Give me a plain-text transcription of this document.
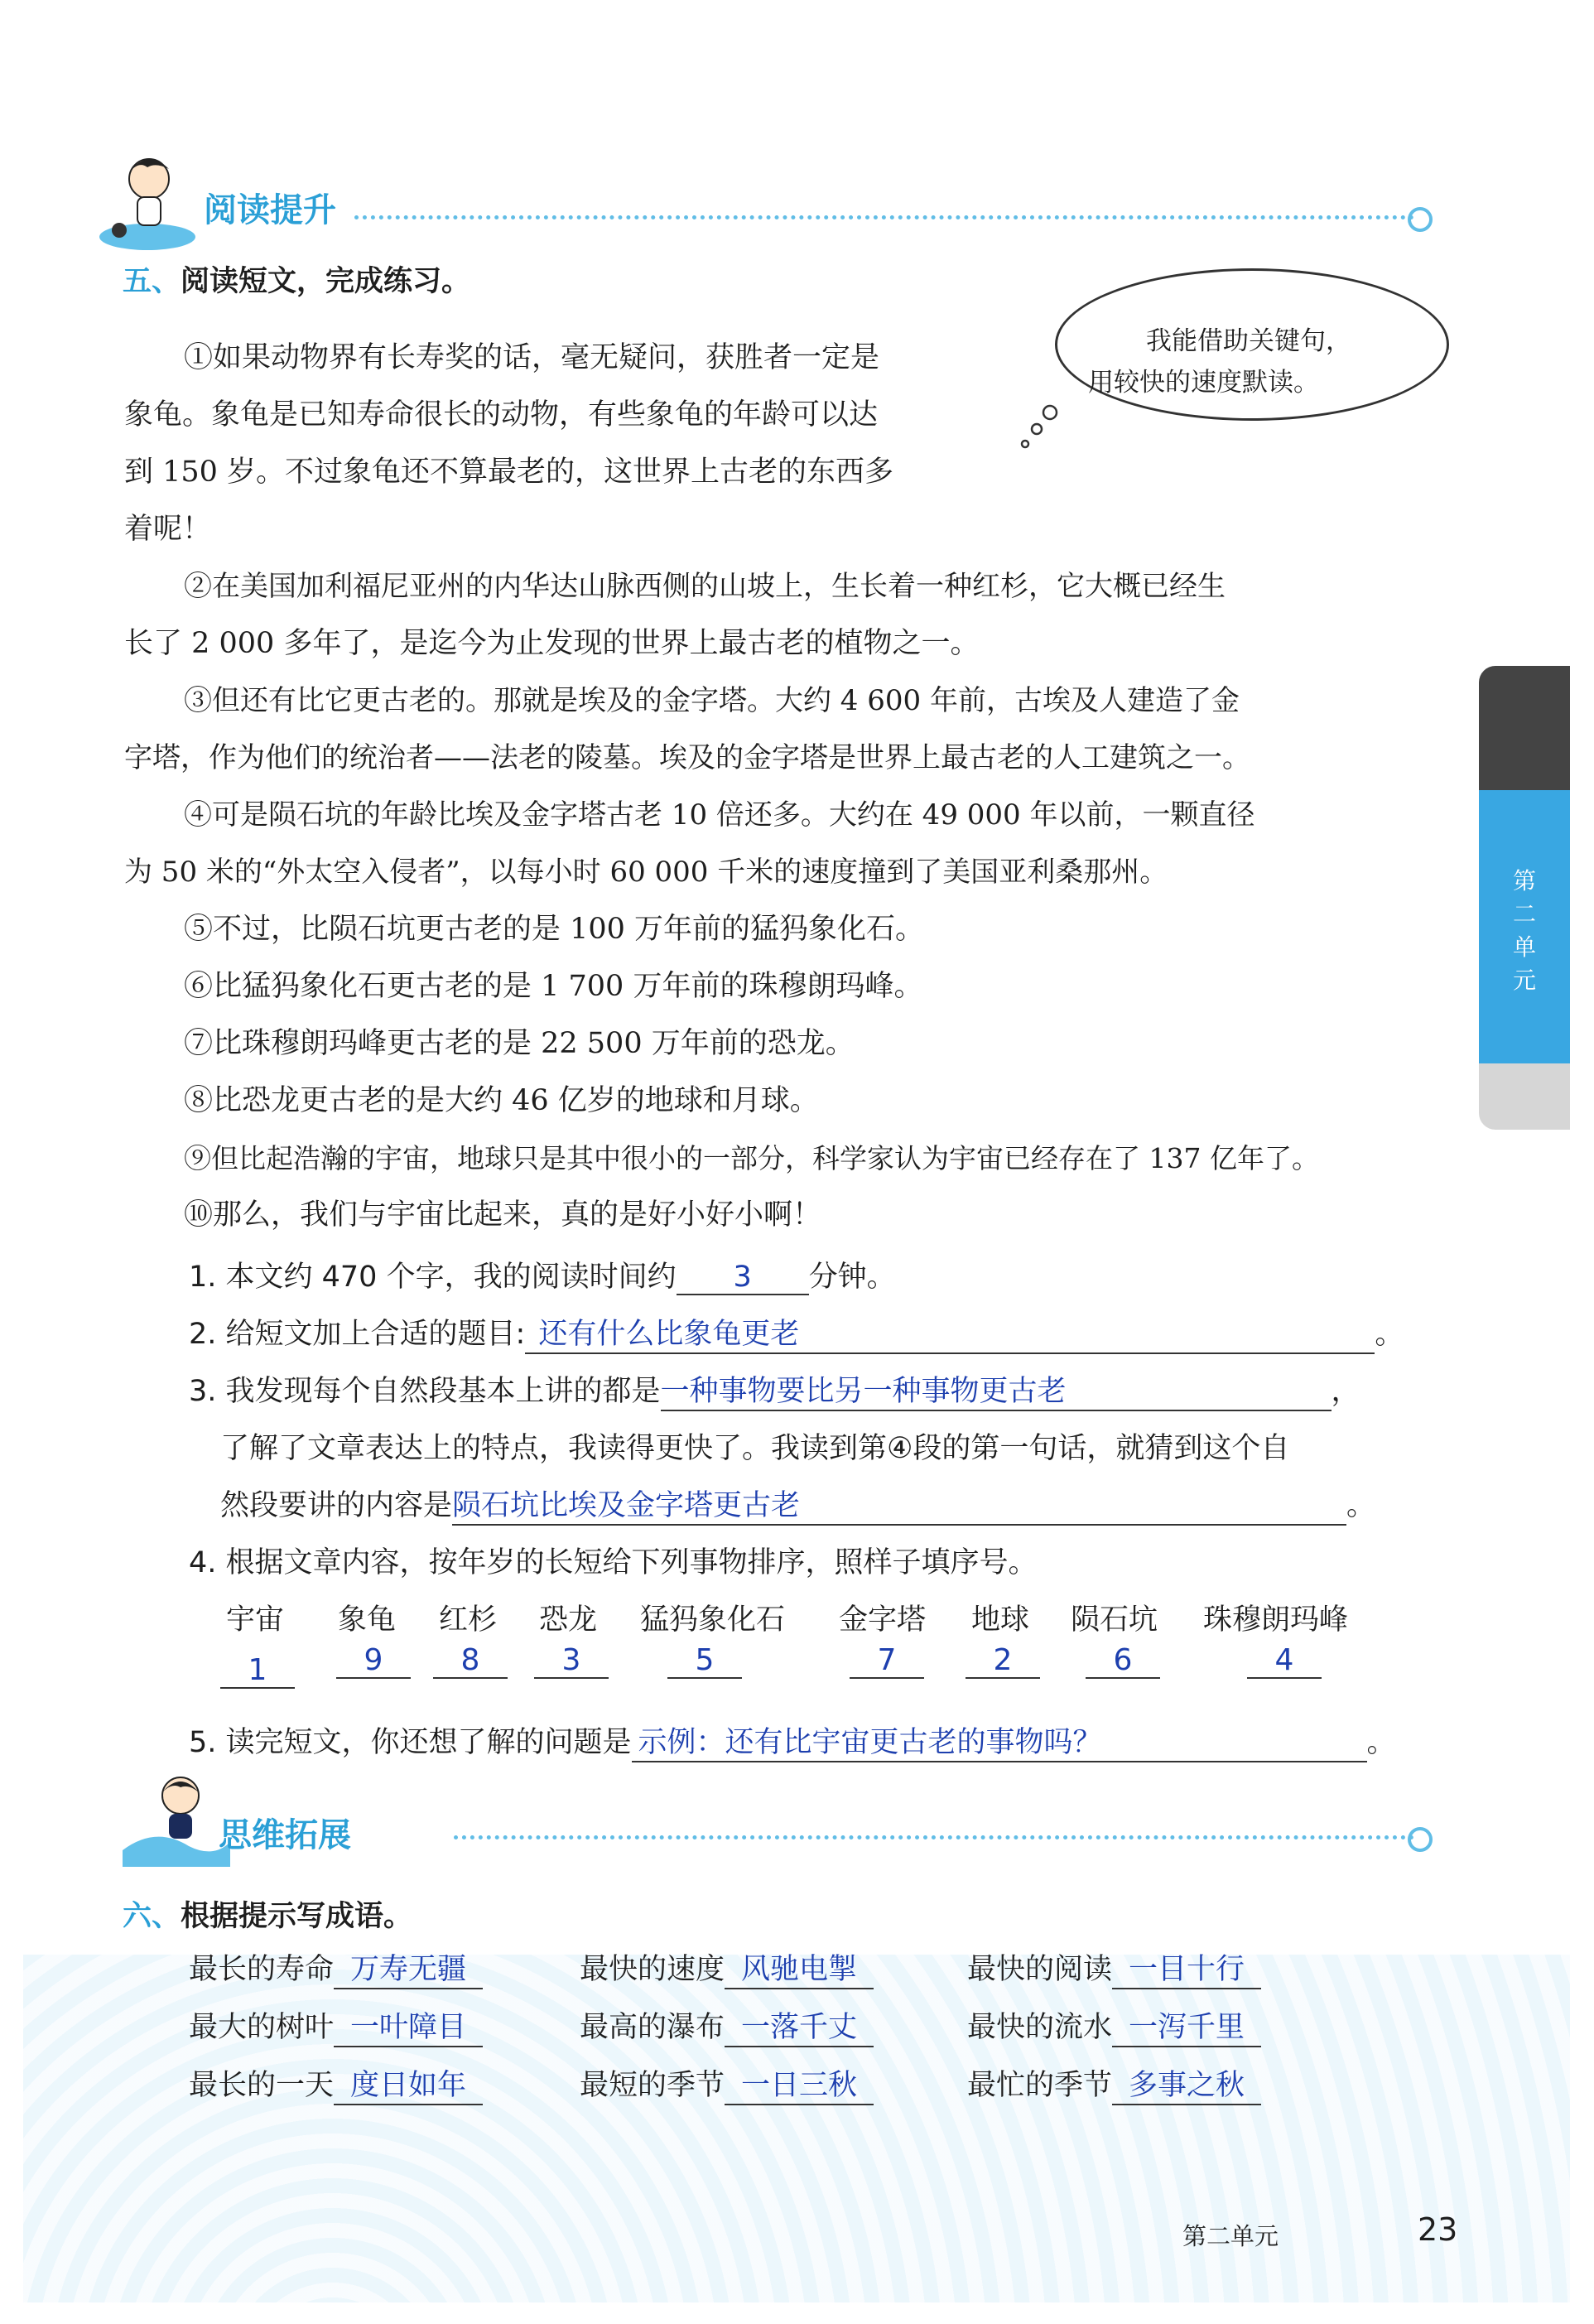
阅读提升
五、阅读短文，完成练习。
我能借助关键句，
用较快的速度默读。
①如果动物界有长寿奖的话，毫无疑问，获胜者一定是
象龟。象龟是已知寿命很长的动物，有些象龟的年龄可以达
到 150 岁。不过象龟还不算最老的，这世界上古老的东西多
着呢！
②在美国加利福尼亚州的内华达山脉西侧的山坡上，生长着一种红杉，它大概已经生
长了 2 000 多年了，是迄今为止发现的世界上最古老的植物之一。
③但还有比它更古老的。那就是埃及的金字塔。大约 4 600 年前，古埃及人建造了金
字塔，作为他们的统治者——法老的陵墓。埃及的金字塔是世界上最古老的人工建筑之一。
④可是陨石坑的年龄比埃及金字塔古老 10 倍还多。大约在 49 000 年以前，一颗直径
为 50 米的“外太空入侵者”，以每小时 60 000 千米的速度撞到了美国亚利桑那州。
⑤不过，比陨石坑更古老的是 100 万年前的猛犸象化石。
⑥比猛犸象化石更古老的是 1 700 万年前的珠穆朗玛峰。
⑦比珠穆朗玛峰更古老的是 22 500 万年前的恐龙。
⑧比恐龙更古老的是大约 46 亿岁的地球和月球。
⑨但比起浩瀚的宇宙，地球只是其中很小的一部分，科学家认为宇宙已经存在了 137 亿年了。
⑩那么，我们与宇宙比起来，真的是好小好小啊！
1. 本文约 470 个字，我的阅读时间约 3 分钟。
2. 给短文加上合适的题目: 还有什么比象龟更老	。
3. 我发现每个自然段基本上讲的都是一种事物要比另一种事物更古老	，
了解了文章表达上的特点，我读得更快了。我读到第④段的第一句话，就猜到这个自
然段要讲的内容是陨石坑比埃及金字塔更古老	。
4. 根据文章内容，按年岁的长短给下列事物排序，照样子填序号。
宇宙 象龟 红杉 恐龙 猛犸象化石 金字塔 地球 陨石坑 珠穆朗玛峰
1	9	8	3	5	7	2	6	4
5. 读完短文，你还想了解的问题是 示例：还有比宇宙更古老的事物吗？	。
思维拓展
六、根据提示写成语。
最长的寿命 万寿无疆	最快的速度 风驰电掣	最快的阅读 一目十行
最大的树叶 一叶障目	最高的瀑布 一落千丈	最快的流水 一泻千里
最长的一天 度日如年	最短的季节 一日三秋	最忙的季节 多事之秋
第二单元
第二单元	23
